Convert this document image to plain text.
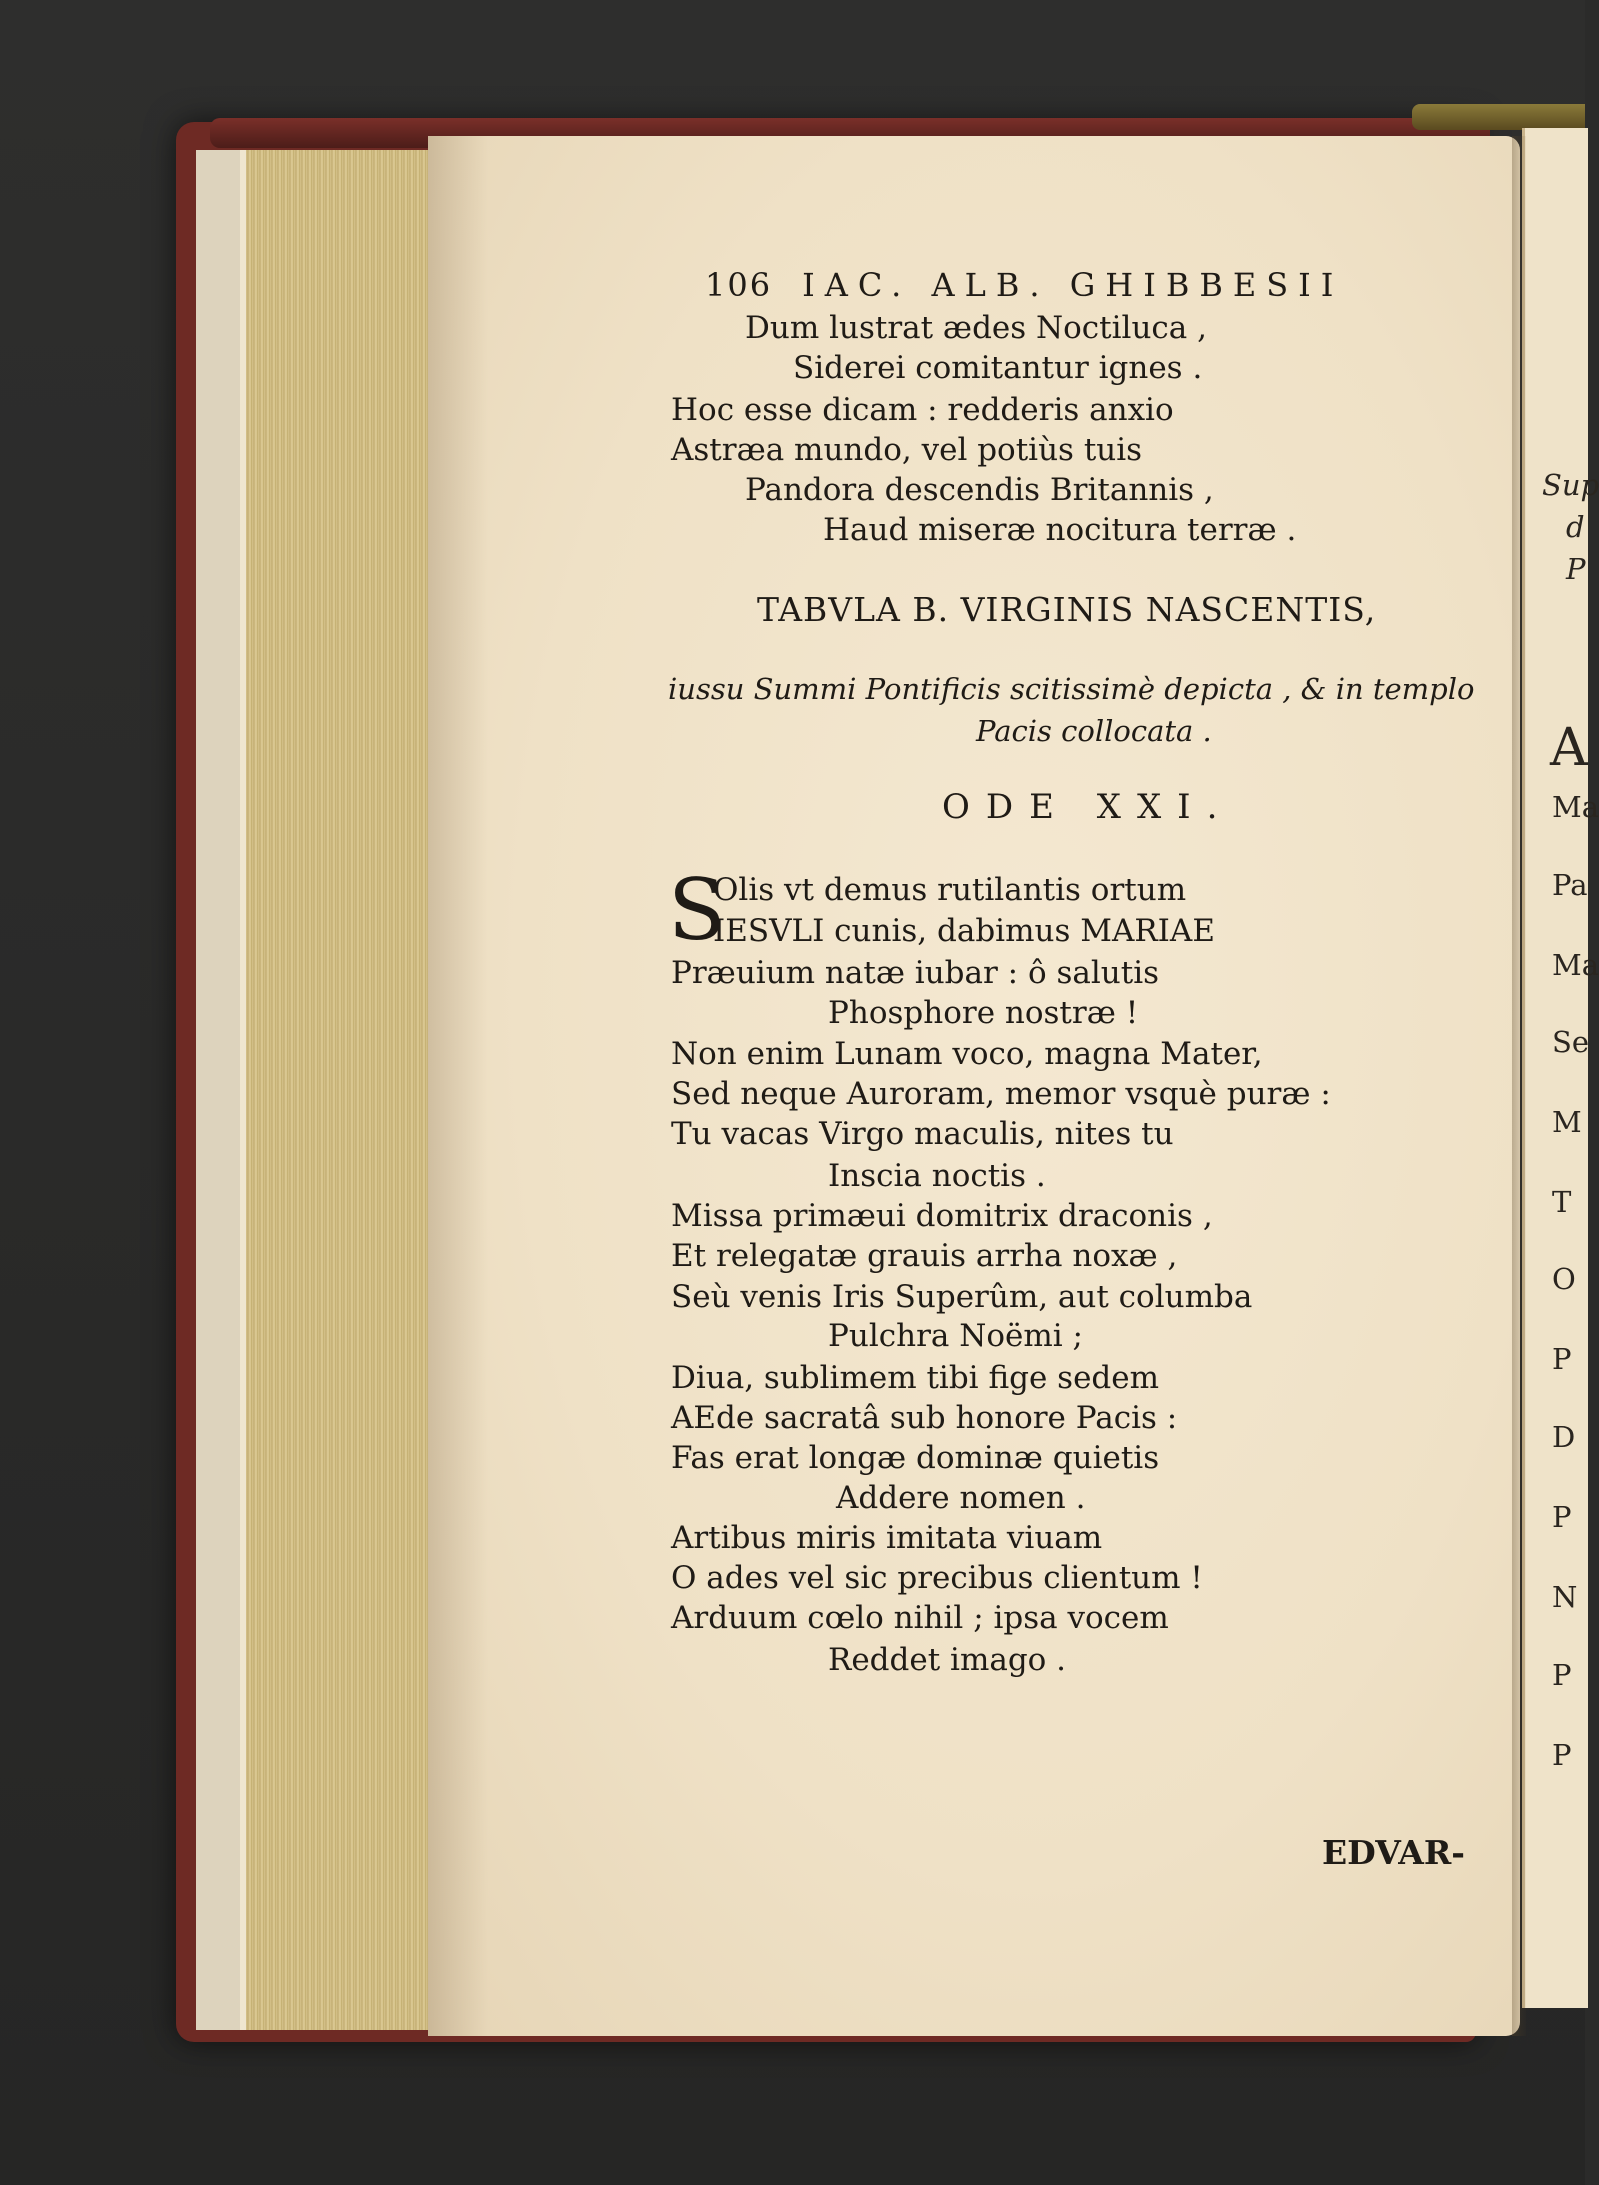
106 IAC. ALB. GHIBBESII
Dum lustrat ædes Noctiluca ,
Siderei comitantur ignes .
Hoc esse dicam : redderis anxio
Astræa mundo, vel potiùs tuis
Pandora descendis Britannis ,
Haud miseræ nocitura terræ .
TABVLA B. VIRGINIS NASCENTIS,
iussu Summi Pontificis scitissimè depicta , & in templo
Pacis collocata .
ODE XXI.
S
Olis vt demus rutilantis ortum
IESVLI cunis, dabimus MARIAE
Præuium natæ iubar : ô salutis
Phosphore nostræ !
Non enim Lunam voco, magna Mater,
Sed neque Auroram, memor vsquè puræ :
Tu vacas Virgo maculis, nites tu
Inscia noctis .
Missa primæui domitrix draconis ,
Et relegatæ grauis arrha noxæ ,
Seù venis Iris Superûm, aut columba
Pulchra Noëmi ;
Diua, sublimem tibi fige sedem
AEde sacratâ sub honore Pacis :
Fas erat longæ dominæ quietis
Addere nomen .
Artibus miris imitata viuam
O ades vel sic precibus clientum !
Arduum cœlo nihil ; ipsa vocem
Reddet imago .
EDVAR-
Sup
d
P
A
Ma
Pa
Ma
Se
M
T
O
P
D
P
N
P
P
